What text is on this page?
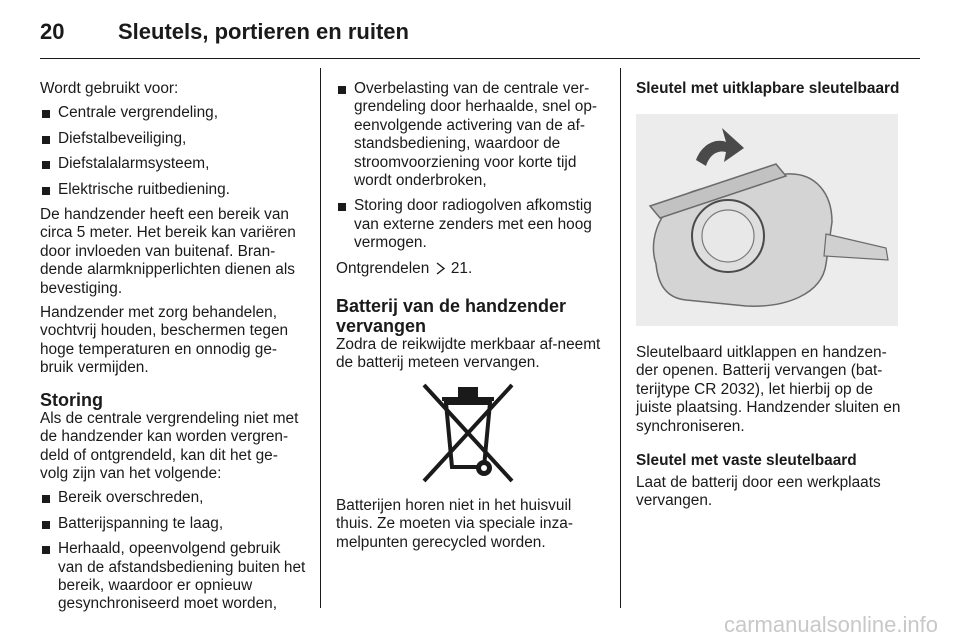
20	Sleutels, portieren en ruiten

Wordt gebruikt voor:

Centrale vergrendeling,
Diefstalbeveiliging,
Diefstalalarmsysteem,
Elektrische ruitbediening.

De handzender heeft een bereik van circa 5 meter. Het bereik kan variëren door invloeden van buitenaf. Bran-dende alarmknipperlichten dienen als bevestiging.

Handzender met zorg behandelen, vochtvrij houden, beschermen tegen hoge temperaturen en onnodig ge-bruik vermijden.

Storing

Als de centrale vergrendeling niet met de handzender kan worden vergren-deld of ontgrendeld, kan dit het ge-volg zijn van het volgende:

Bereik overschreden,
Batterijspanning te laag,
Herhaald, opeenvolgend gebruik van de afstandsbediening buiten het bereik, waardoor er opnieuw gesynchroniseerd moet worden,
Overbelasting van de centrale ver-grendeling door herhaalde, snel op-eenvolgende activering van de af-standsbediening, waardoor de stroomvoorziening voor korte tijd wordt onderbroken,
Storing door radiogolven afkomstig van externe zenders met een hoog vermogen.

Ontgrendelen 21.

Batterij van de handzender vervangen

Zodra de reikwijdte merkbaar af-neemt de batterij meteen vervangen.

Batterijen horen niet in het huisvuil thuis. Ze moeten via speciale inza-melpunten gerecycled worden.

Sleutel met uitklapbare sleutelbaard

Sleutelbaard uitklappen en handzen-der openen. Batterij vervangen (bat-terijtype CR 2032), let hierbij op de juiste plaatsing. Handzender sluiten en synchroniseren.

Sleutel met vaste sleutelbaard

Laat de batterij door een werkplaats vervangen.

carmanualsonline.info
